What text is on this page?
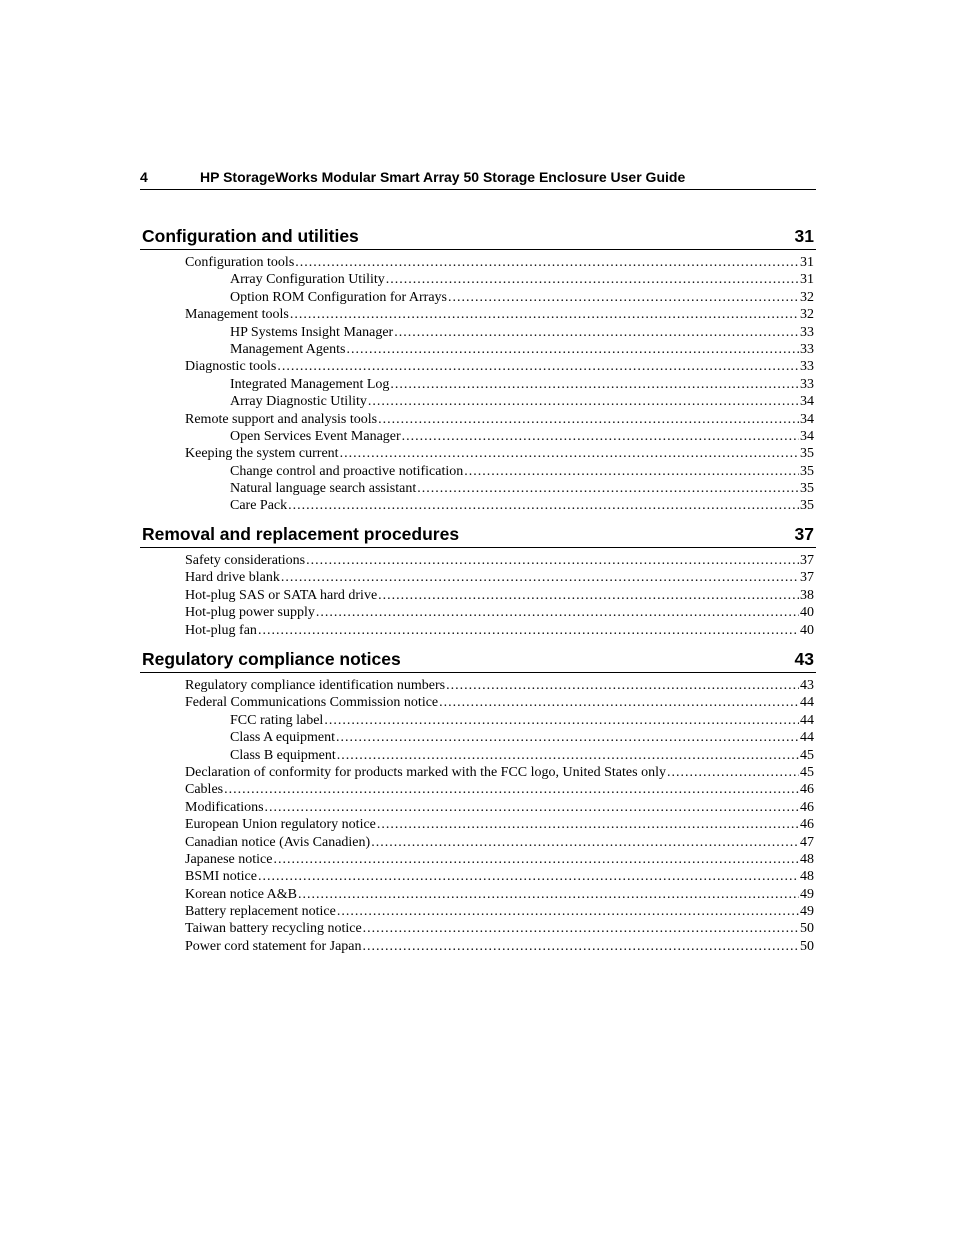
4	HP StorageWorks Modular Smart Array 50 Storage Enclosure User Guide
Configuration and utilities	31
Configuration tools .....	31
Array Configuration Utility .....	31
Option ROM Configuration for Arrays .....	32
Management tools .....	32
HP Systems Insight Manager .....	33
Management Agents .....	33
Diagnostic tools .....	33
Integrated Management Log .....	33
Array Diagnostic Utility .....	34
Remote support and analysis tools .....	34
Open Services Event Manager .....	34
Keeping the system current .....	35
Change control and proactive notification .....	35
Natural language search assistant .....	35
Care Pack .....	35
Removal and replacement procedures	37
Safety considerations .....	37
Hard drive blank .....	37
Hot-plug SAS or SATA hard drive .....	38
Hot-plug power supply .....	40
Hot-plug fan .....	40
Regulatory compliance notices	43
Regulatory compliance identification numbers .....	43
Federal Communications Commission notice .....	44
FCC rating label .....	44
Class A equipment .....	44
Class B equipment .....	45
Declaration of conformity for products marked with the FCC logo, United States only .....	45
Cables .....	46
Modifications .....	46
European Union regulatory notice .....	46
Canadian notice (Avis Canadien) .....	47
Japanese notice .....	48
BSMI notice .....	48
Korean notice A&B .....	49
Battery replacement notice .....	49
Taiwan battery recycling notice .....	50
Power cord statement for Japan .....	50
